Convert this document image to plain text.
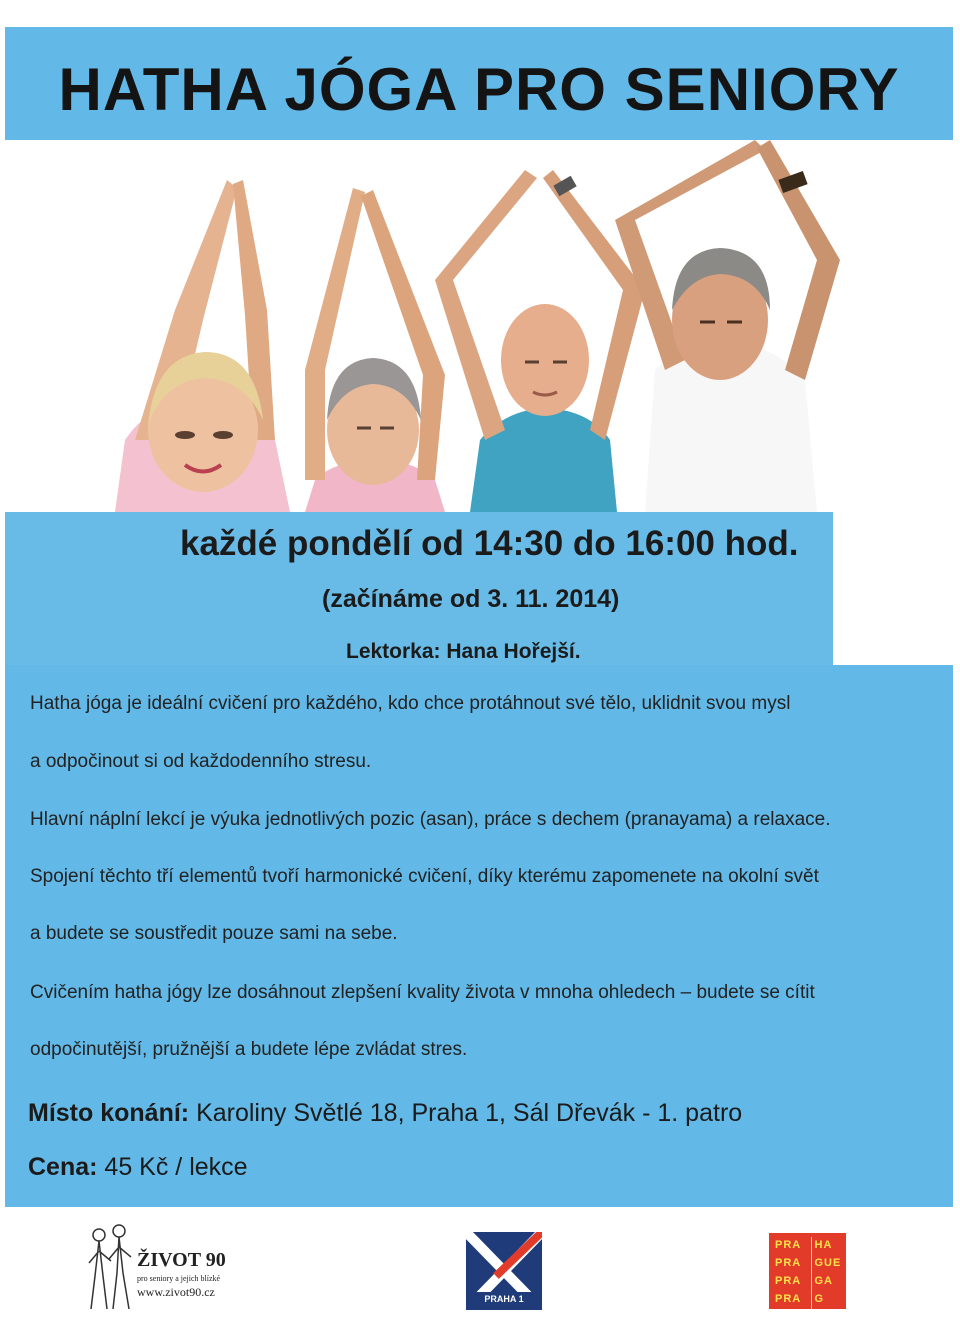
HATHA JÓGA PRO SENIORY

každé pondělí od 14:30 do 16:00 hod.

(začínáme od 3. 11. 2014)

Lektorka: Hana Hořejší.

Hatha jóga je ideální cvičení pro každého, kdo chce protáhnout své tělo, uklidnit svou mysl

a odpočinout si od každodenního stresu.

Hlavní náplní lekcí je výuka jednotlivých pozic (asan), práce s dechem (pranayama) a relaxace.

Spojení těchto tří elementů tvoří harmonické cvičení, díky kterému zapomenete na okolní svět

a budete se soustředit pouze sami na sebe.

Cvičením hatha jógy lze dosáhnout zlepšení kvality života v mnoha ohledech – budete se cítit

odpočinutější, pružnější a budete lépe zvládat stres.

Místo konání: Karoliny Světlé 18, Praha 1, Sál Dřevák - 1. patro

Cena: 45 Kč / lekce

ŽIVOT 90
pro seniory a jejich blízké
www.zivot90.cz	PRAHA 1
PRA	HA
PRA	GUE
PRA	GA
PRA	G
